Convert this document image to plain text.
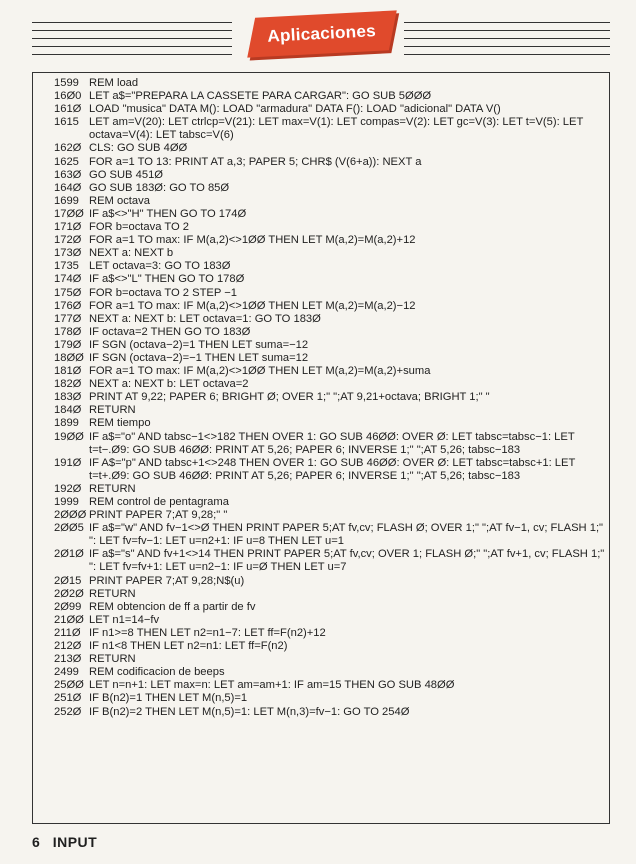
Aplicaciones
1599 REM load
16Ø0 LET a$="PREPARA LA CASSETE PARA CARGAR": GO SUB 5ØØØ
161Ø LOAD "musica" DATA M(): LOAD "armadura" DATA F(): LOAD "adicional" DATA V()
1615 LET am=V(20): LET ctrlcp=V(21): LET max=V(1): LET compas=V(2): LET gc=V(3): LET t=V(5): LET octava=V(4): LET tabsc=V(6)
162Ø CLS: GO SUB 4ØØ
1625 FOR a=1 TO 13: PRINT AT a,3; PAPER 5; CHR$ (V(6+a)): NEXT a
163Ø GO SUB 451Ø
164Ø GO SUB 183Ø: GO TO 85Ø
1699 REM octava
17ØØ IF a$<>"H" THEN GO TO 174Ø
171Ø FOR b=octava TO 2
172Ø FOR a=1 TO max: IF M(a,2)<>1ØØ THEN LET M(a,2)=M(a,2)+12
173Ø NEXT a: NEXT b
1735 LET octava=3: GO TO 183Ø
174Ø IF a$<>"L" THEN GO TO 178Ø
175Ø FOR b=octava TO 2 STEP −1
176Ø FOR a=1 TO max: IF M(a,2)<>1ØØ THEN LET M(a,2)=M(a,2)−12
177Ø NEXT a: NEXT b: LET octava=1: GO TO 183Ø
178Ø IF octava=2 THEN GO TO 183Ø
179Ø IF SGN (octava−2)=1 THEN LET suma=−12
18ØØ IF SGN (octava−2)=−1 THEN LET suma=12
181Ø FOR a=1 TO max: IF M(a,2)<>1ØØ THEN LET M(a,2)=M(a,2)+suma
182Ø NEXT a: NEXT b: LET octava=2
183Ø PRINT AT 9,22; PAPER 6; BRIGHT Ø; OVER 1;" ";AT 9,21+octava; BRIGHT 1;" "
184Ø RETURN
1899 REM tiempo
19ØØ IF a$="o" AND tabsc−1<>182 THEN OVER 1: GO SUB 46ØØ: OVER Ø: LET tabsc=tabsc−1: LET t=t−.Ø9: GO SUB 46ØØ: PRINT AT 5,26; PAPER 6; INVERSE 1;" ";AT 5,26; tabsc−183
191Ø IF A$="p" AND tabsc+1<>248 THEN OVER 1: GO SUB 46ØØ: OVER Ø: LET tabsc=tabsc+1: LET t=t+.Ø9: GO SUB 46ØØ: PRINT AT 5,26; PAPER 6; INVERSE 1;" ";AT 5,26; tabsc−183
192Ø RETURN
1999 REM control de pentagrama
2ØØØ PRINT PAPER 7;AT 9,28;" "
2ØØ5 IF a$="w" AND fv−1<>Ø THEN PRINT PAPER 5;AT fv,cv; FLASH Ø; OVER 1;" ";AT fv−1, cv; FLASH 1;" ": LET fv=fv−1: LET u=n2+1: IF u=8 THEN LET u=1
2Ø1Ø IF a$="s" AND fv+1<>14 THEN PRINT PAPER 5;AT fv,cv; OVER 1; FLASH Ø;" ";AT fv+1, cv; FLASH 1;" ": LET fv=fv+1: LET u=n2−1: IF u=Ø THEN LET u=7
2Ø15 PRINT PAPER 7;AT 9,28;N$(u)
2Ø2Ø RETURN
2Ø99 REM obtencion de ff a partir de fv
21ØØ LET n1=14−fv
211Ø IF n1>=8 THEN LET n2=n1−7: LET ff=F(n2)+12
212Ø IF n1<8 THEN LET n2=n1: LET ff=F(n2)
213Ø RETURN
2499 REM codificacion de beeps
25ØØ LET n=n+1: LET max=n: LET am=am+1: IF am=15 THEN GO SUB 48ØØ
251Ø IF B(n2)=1 THEN LET M(n,5)=1
252Ø IF B(n2)=2 THEN LET M(n,5)=1: LET M(n,3)=fv−1: GO TO 254Ø
6 INPUT
